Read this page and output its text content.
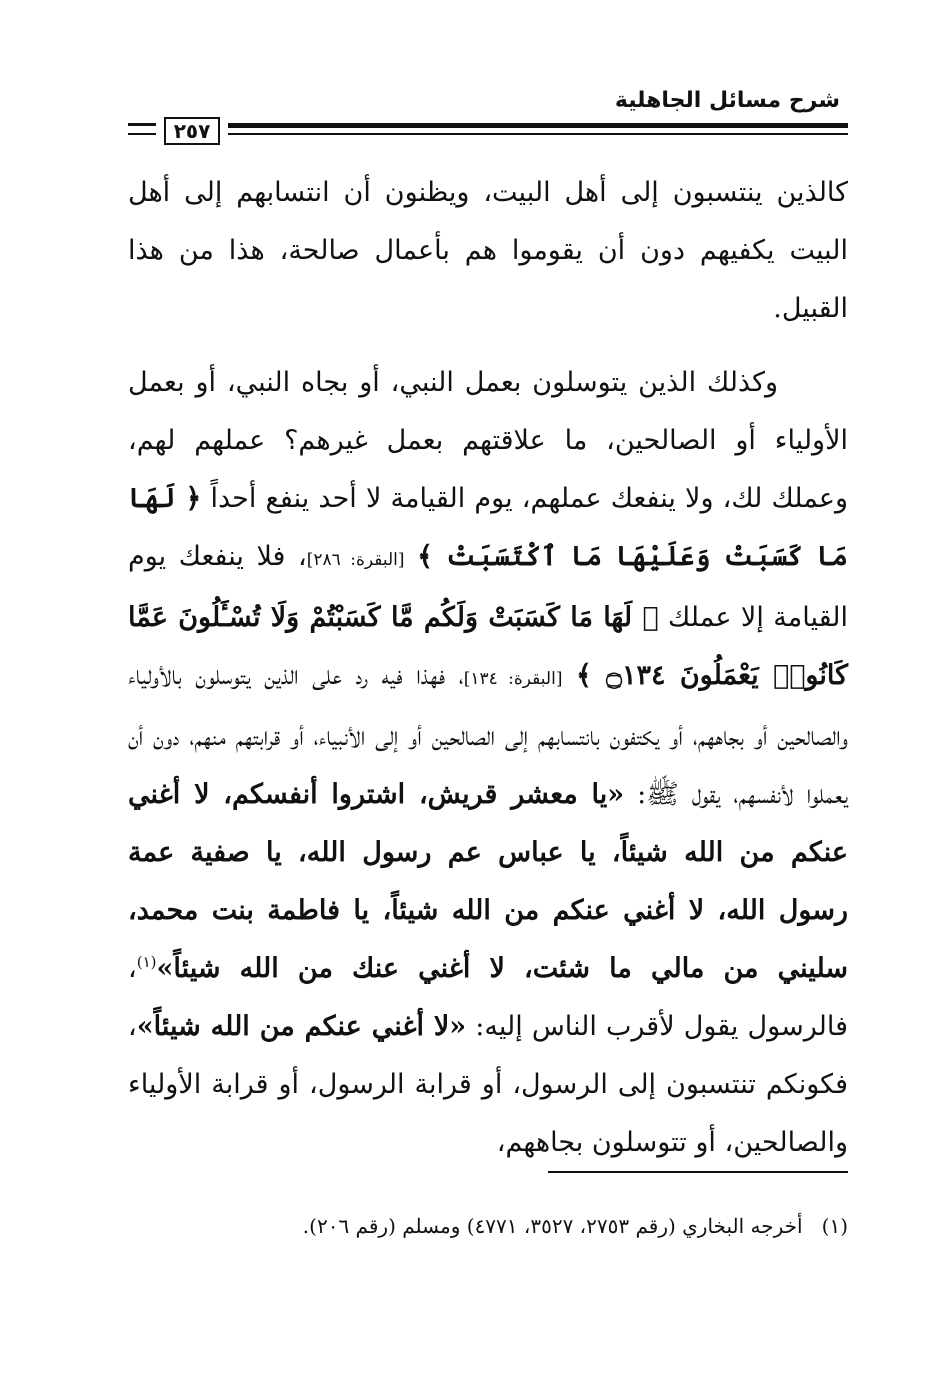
شرح مسائل الجاهلية
٢٥٧

كالذين ينتسبون إلى أهل البيت، ويظنون أن انتسابهم إلى أهل البيت يكفيهم دون أن يقوموا هم بأعمال صالحة، هذا من هذا القبيل.

وكذلك الذين يتوسلون بعمل النبي، أو بجاه النبي، أو بعمل الأولياء أو الصالحين، ما علاقتهم بعمل غيرهم؟ عملهم لهم، وعملك لك، ولا ينفعك عملهم، يوم القيامة لا أحد ينفع أحداً ﴿ لَهَا مَا كَسَبَتْ وَعَلَيْهَا مَا ٱكْتَسَبَتْ ﴾ [البقرة: ٢٨٦]، فلا ينفعك يوم القيامة إلا عملك ﴿ لَهَا مَا كَسَبَتْ وَلَكُم مَّا كَسَبْتُمْ وَلَا تُسْـَٔلُونَ عَمَّا كَانُوا۟ يَعْمَلُونَ ۝١٣٤ ﴾ [البقرة: ١٣٤]، فهذا فيه رد على الذين يتوسلون بالأولياء والصالحين أو بجاههم، أو يكتفون بانتسابهم إلى الصالحين أو إلى الأنبياء، أو قرابتهم منهم، دون أن يعملوا لأنفسهم، يقول ﷺ: «يا معشر قريش، اشتروا أنفسكم، لا أغني عنكم من الله شيئاً، يا عباس عم رسول الله، يا صفية عمة رسول الله، لا أغني عنكم من الله شيئاً، يا فاطمة بنت محمد، سليني من مالي ما شئت، لا أغني عنك من الله شيئاً»$^{(١)}$، فالرسول يقول لأقرب الناس إليه: «لا أغني عنكم من الله شيئاً»، فكونكم تنتسبون إلى الرسول، أو قرابة الرسول، أو قرابة الأولياء والصالحين، أو تتوسلون بجاههم،

(١)   أخرجه البخاري (رقم ٢٧٥٣، ٣٥٢٧، ٤٧٧١) ومسلم (رقم ٢٠٦).
